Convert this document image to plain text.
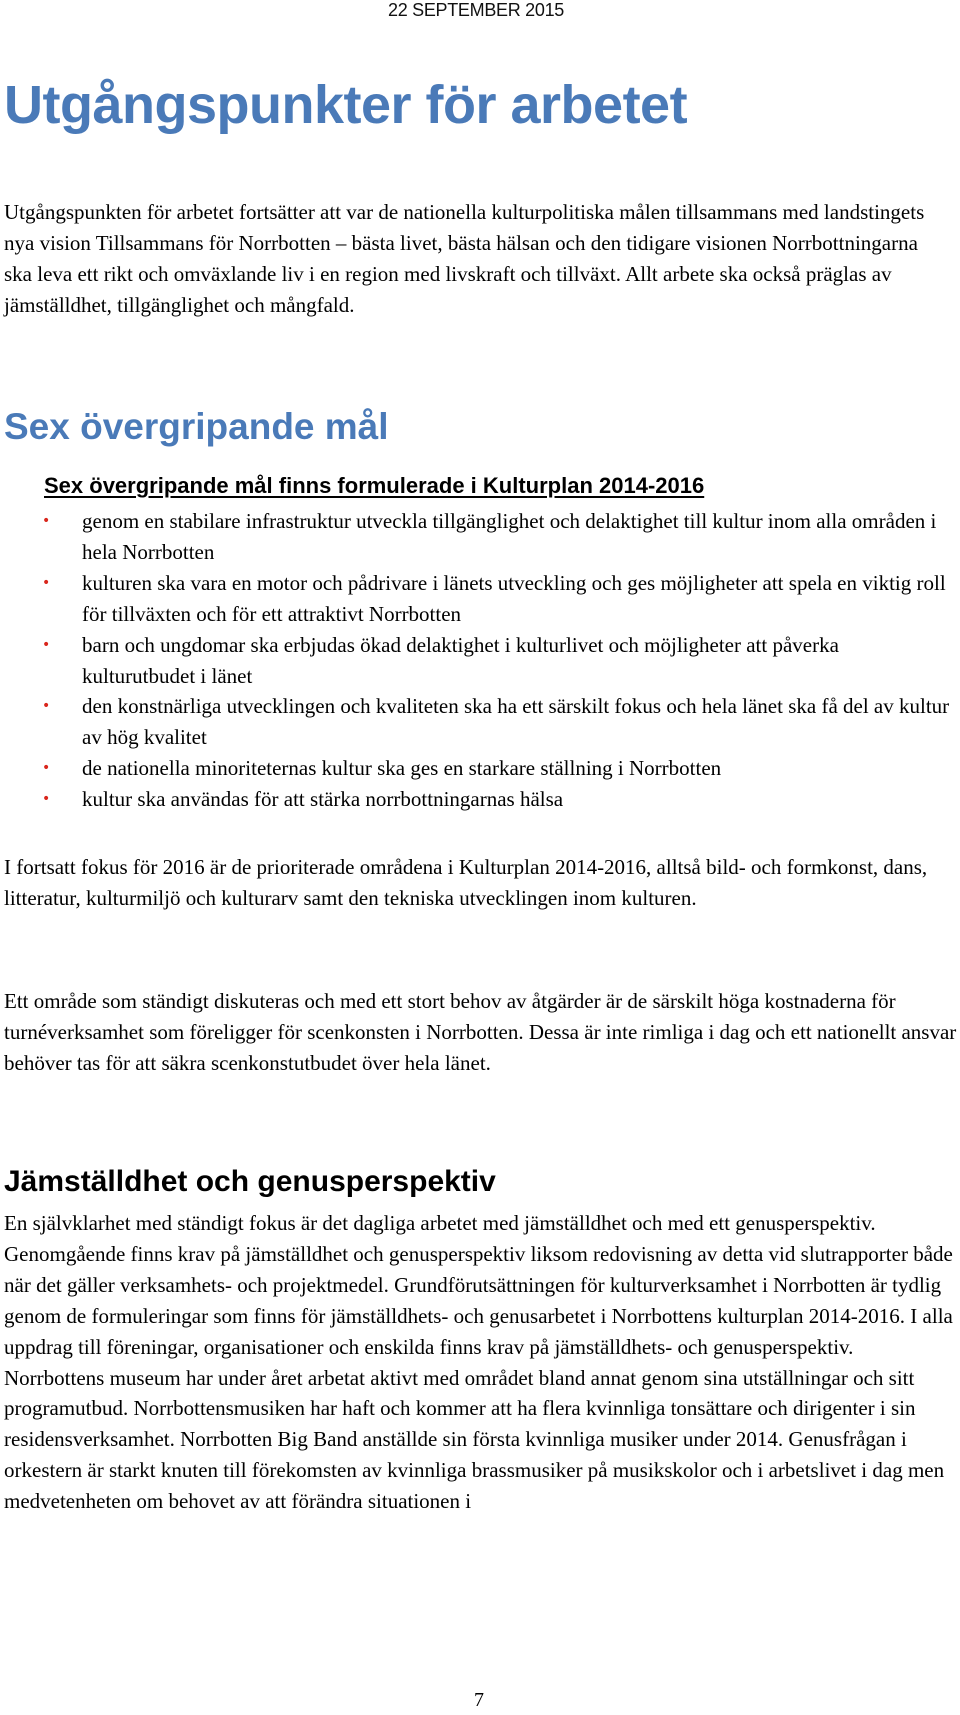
22 SEPTEMBER 2015
Utgångspunkter för arbetet

Utgångspunkten för arbetet fortsätter att var de nationella kulturpolitiska målen tillsammans med landstingets nya vision Tillsammans för Norrbotten – bästa livet, bästa hälsan och den tidigare visionen Norrbottningarna ska leva ett rikt och omväxlande liv i en region med livskraft och tillväxt. Allt arbete ska också präglas av jämställdhet, tillgänglighet och mångfald.

Sex övergripande mål
Sex övergripande mål finns formulerade i Kulturplan 2014-2016
• genom en stabilare infrastruktur utveckla tillgänglighet och delaktighet till kultur inom alla områden i hela Norrbotten
• kulturen ska vara en motor och pådrivare i länets utveckling och ges möjligheter att spela en viktig roll för tillväxten och för ett attraktivt Norrbotten
• barn och ungdomar ska erbjudas ökad delaktighet i kulturlivet och möjligheter att påverka kulturutbudet i länet
• den konstnärliga utvecklingen och kvaliteten ska ha ett särskilt fokus och hela länet ska få del av kultur av hög kvalitet
• de nationella minoriteternas kultur ska ges en starkare ställning i Norrbotten
• kultur ska användas för att stärka norrbottningarnas hälsa

I fortsatt fokus för 2016 är de prioriterade områdena i Kulturplan 2014-2016, alltså bild- och formkonst, dans, litteratur, kulturmiljö och kulturarv samt den tekniska utvecklingen inom kulturen.

Ett område som ständigt diskuteras och med ett stort behov av åtgärder är de särskilt höga kostnaderna för turnéverksamhet som föreligger för scenkonsten i Norrbotten. Dessa är inte rimliga i dag och ett nationellt ansvar behöver tas för att säkra scenkonstutbudet över hela länet.

Jämställdhet och genusperspektiv

En självklarhet med ständigt fokus är det dagliga arbetet med jämställdhet och med ett genusperspektiv. Genomgående finns krav på jämställdhet och genusperspektiv liksom redovisning av detta vid slutrapporter både när det gäller verksamhets- och projektmedel. Grundförutsättningen för kulturverksamhet i Norrbotten är tydlig genom de formuleringar som finns för jämställdhets- och genusarbetet i Norrbottens kulturplan 2014-2016. I alla uppdrag till föreningar, organisationer och enskilda finns krav på jämställdhets- och genusperspektiv. Norrbottens museum har under året arbetat aktivt med området bland annat genom sina utställningar och sitt programutbud. Norrbottensmusiken har haft och kommer att ha flera kvinnliga tonsättare och dirigenter i sin residensverksamhet. Norrbotten Big Band anställde sin första kvinnliga musiker under 2014. Genusfrågan i orkestern är starkt knuten till förekomsten av kvinnliga brassmusiker på musikskolor och i arbetslivet i dag men medvetenheten om behovet av att förändra situationen i

7
